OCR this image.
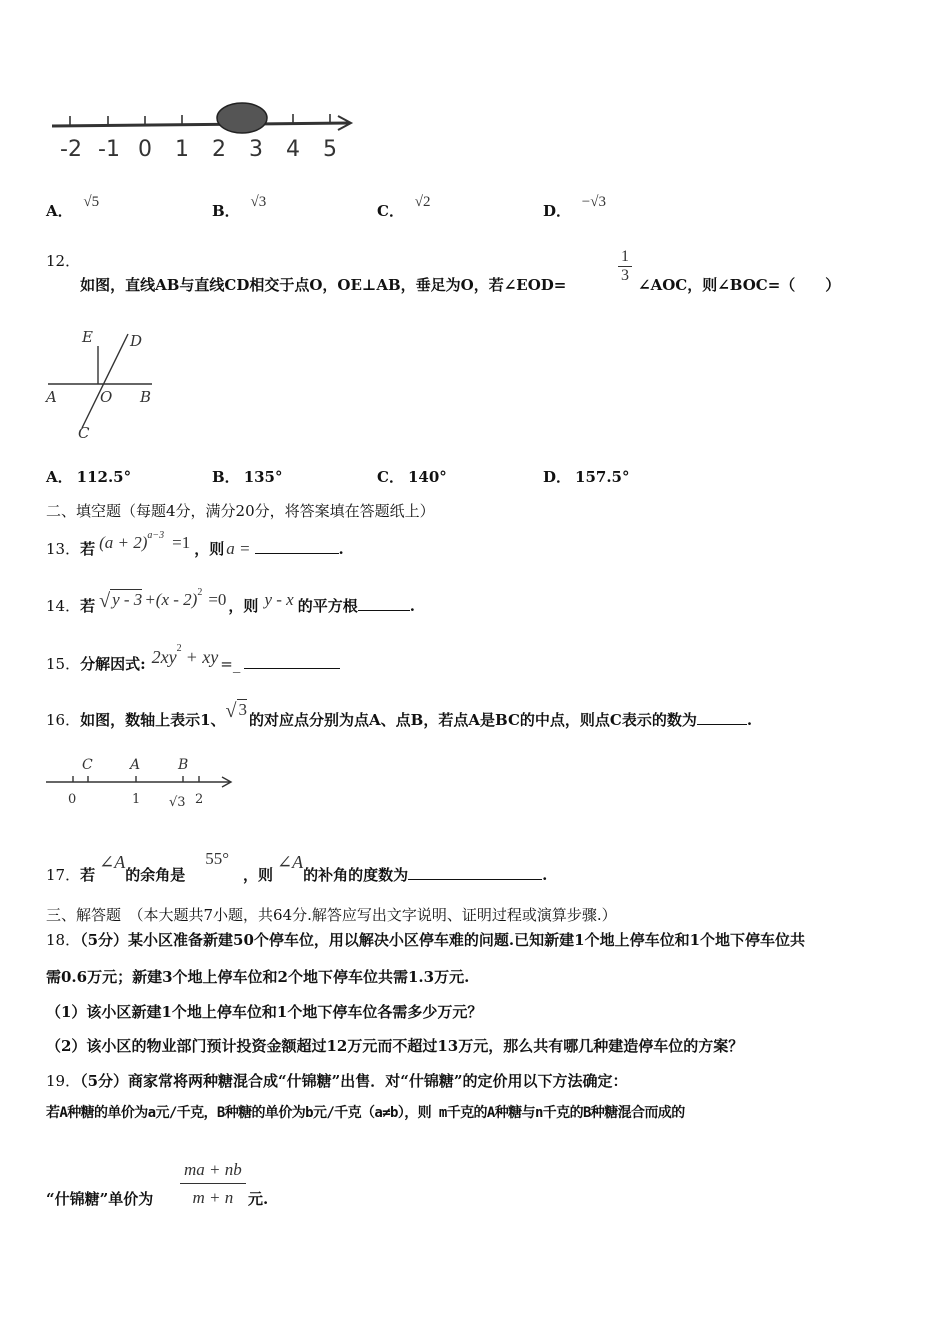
-2 -1 0 1 2 3 4 5
A． √5	B． √3	C． √2	D． −√3
12．如图，直线AB与直线CD相交于点O，OE⊥AB，垂足为O，若∠EOD=	$\frac{1}{3}$ ∠AOC，则∠BOC=（　　）
E D
A	O B
C
A． 112.5°	B． 135°	C． 140°	D． 157.5°
二、填空题（每题4分，满分20分，将答案填在答题纸上）
13．若 $(a + 2)^{a-3} =1$ ，则 a =	.
14．若 √ y - 3 +(x - 2)$^2$ =0 ，则 y - x 的平方根	.
15．分解因式: $2xy^2$ + xy =_
16．如图，数轴上表示1、√ 3的对应点分别为点A、点B，若点A是BC的中点，则点C表示的数为	.
C	A	B
0	1 √3 2
17．若∠A的余角是55°，则∠A的补角的度数为	.
三、解答题　（本大题共7小题，共64分.解答应写出文字说明、证明过程或演算步骤.）
18．（5分）某小区准备新建50个停车位，用以解决小区停车难的问题.已知新建1个地上停车位和1个地下停车位共
需0.6万元；新建3个地上停车位和2个地下停车位共需1.3万元.
（1）该小区新建1个地上停车位和1个地下停车位各需多少万元？
（2）该小区的物业部门预计投资金额超过12万元而不超过13万元，那么共有哪几种建造停车位的方案？
19．（5分）商家常将两种糖混合成“什锦糖”出售．对“什锦糖”的定价用以下方法确定：
若A种糖的单价为a元/千克，B种糖的单价为b元/千克（a≠b），则 m千克的A种糖与n千克的B种糖混合而成的
“什锦糖”单价为 $\frac{ma + nb}{m + n}$ 元.
